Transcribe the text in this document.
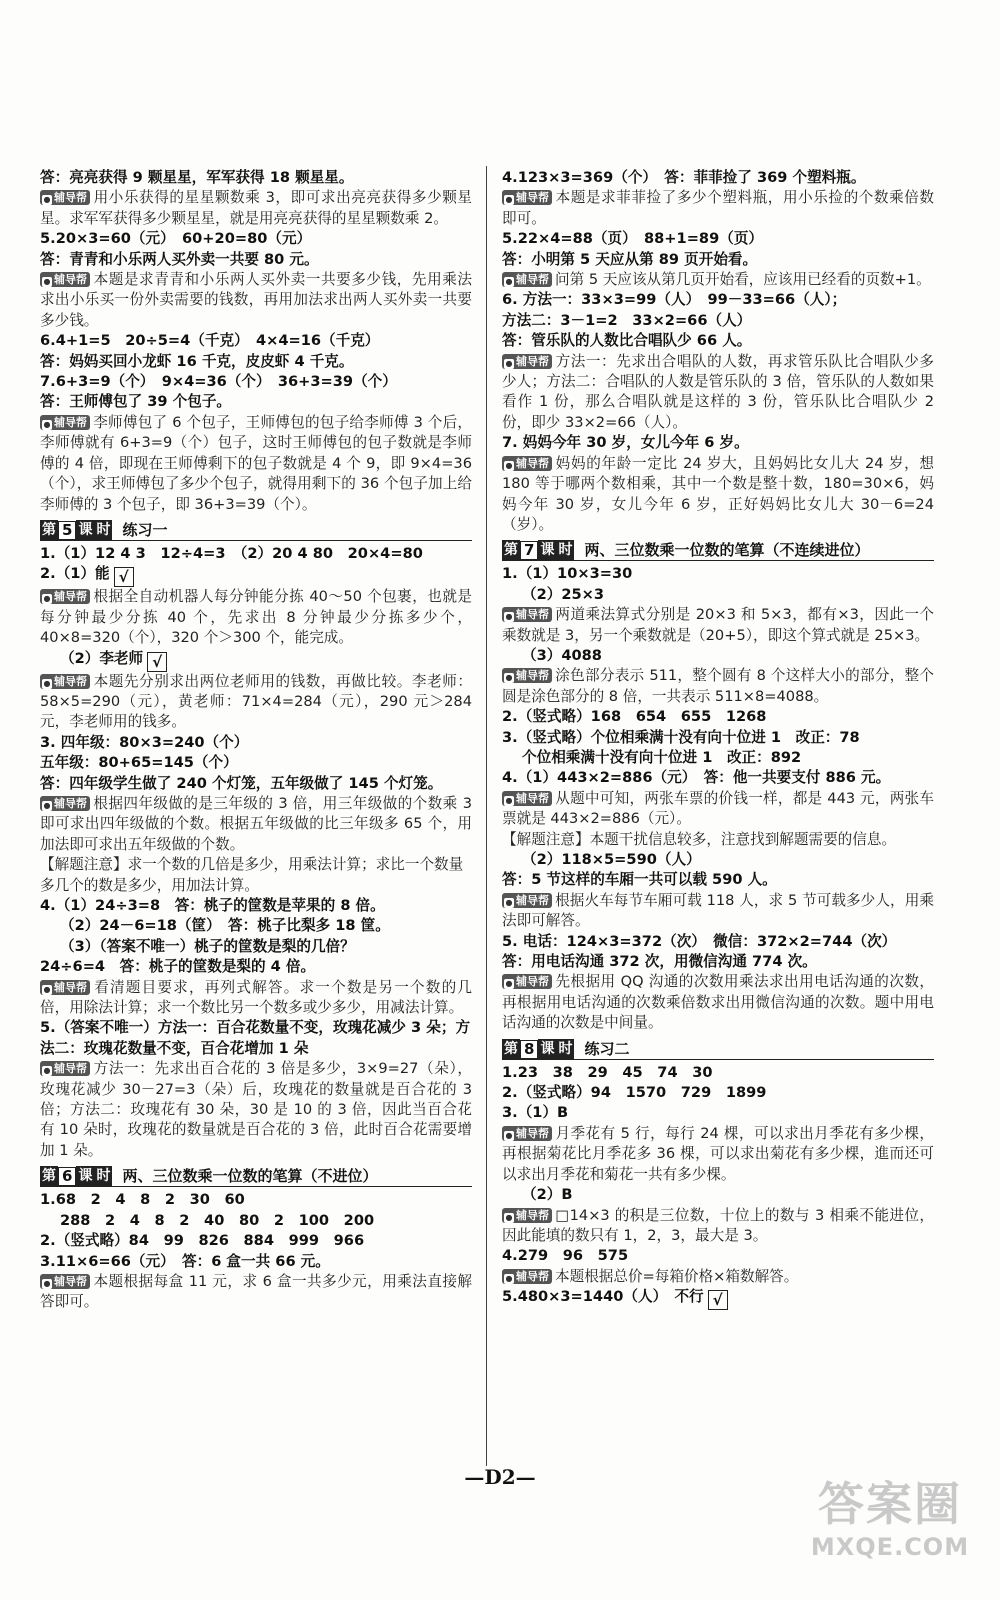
答：亮亮获得 9 颗星星，军军获得 18 颗星星。

● 辅导帮 用小乐获得的星星颗数乘 3，即可求出亮亮获得多少颗星星。求军军获得多少颗星星，就是用亮亮获得的星星颗数乘 2。

5.20×3=60（元）　60+20=80（元）

答：青青和小乐两人买外卖一共要 80 元。

● 辅导帮 本题是求青青和小乐两人买外卖一共要多少钱，先用乘法求出小乐买一份外卖需要的钱数，再用加法求出两人买外卖一共要多少钱。

6.4+1=5　20÷5=4（千克）　4×4=16（千克）

答：妈妈买回小龙虾 16 千克，皮皮虾 4 千克。

7.6+3=9（个）　9×4=36（个）　36+3=39（个）

答：王师傅包了 39 个包子。

● 辅导帮 李师傅包了 6 个包子，王师傅包的包子给李师傅 3 个后，李师傅就有 6+3=9（个）包子，这时王师傅包的包子数就是李师傅的 4 倍，即现在王师傅剩下的包子数就是 4 个 9，即 9×4=36（个），求王师傅包了多少个包子，就得用剩下的 36 个包子加上给李师傅的 3 个包子，即 36+3=39（个）。

第 5 课 时 练习一

1.（1）12 4 3　12÷4=3　（2）20 4 80　20×4=80

2.（1）能 √

● 辅导帮 根据全自动机器人每分钟能分拣 40～50 个包裹，也就是每分钟最少分拣 40 个，先求出 8 分钟最少分拣多少个，40×8=320（个），320 个＞300 个，能完成。

（2）李老师 √

● 辅导帮 本题先分别求出两位老师用的钱数，再做比较。李老师：58×5=290（元），黄老师：71×4=284（元），290 元＞284 元，李老师用的钱多。

3. 四年级：80×3=240（个）

五年级：80+65=145（个）

答：四年级学生做了 240 个灯笼，五年级做了 145 个灯笼。

● 辅导帮 根据四年级做的是三年级的 3 倍，用三年级做的个数乘 3 即可求出四年级做的个数。根据五年级做的比三年级多 65 个，用加法即可求出五年级做的个数。

【解题注意】求一个数的几倍是多少，用乘法计算；求比一个数量多几个的数是多少，用加法计算。

4.（1）24÷3=8　答：桃子的筐数是苹果的 8 倍。

（2）24－6=18（筐）　答：桃子比梨多 18 筐。

（3）（答案不唯一）桃子的筐数是梨的几倍？

24÷6=4　答：桃子的筐数是梨的 4 倍。

● 辅导帮 看清题目要求，再列式解答。求一个数是另一个数的几倍，用除法计算；求一个数比另一个数多或少多少，用减法计算。

5.（答案不唯一）方法一：百合花数量不变，玫瑰花减少 3 朵；方法二：玫瑰花数量不变，百合花增加 1 朵

● 辅导帮 方法一：先求出百合花的 3 倍是多少，3×9=27（朵），玫瑰花减少 30－27=3（朵）后，玫瑰花的数量就是百合花的 3 倍；方法二：玫瑰花有 30 朵，30 是 10 的 3 倍，因此当百合花有 10 朵时，玫瑰花的数量就是百合花的 3 倍，此时百合花需要增加 1 朵。

第 6 课 时 两、三位数乘一位数的笔算（不进位）

1.68　2　4　8　2　30　60

288　2　4　8　2　40　80　2　100　200

2.（竖式略）84　99　826　884　999　966

3.11×6=66（元）　答：6 盒一共 66 元。

● 辅导帮 本题根据每盒 11 元，求 6 盒一共多少元，用乘法直接解答即可。

4.123×3=369（个）　答：菲菲捡了 369 个塑料瓶。

● 辅导帮 本题是求菲菲捡了多少个塑料瓶，用小乐捡的个数乘倍数即可。

5.22×4=88（页）　88+1=89（页）

答：小明第 5 天应从第 89 页开始看。

● 辅导帮 问第 5 天应该从第几页开始看，应该用已经看的页数+1。

6. 方法一：33×3=99（人）　99－33=66（人）；

方法二：3－1=2　33×2=66（人）

答：管乐队的人数比合唱队少 66 人。

● 辅导帮 方法一：先求出合唱队的人数，再求管乐队比合唱队少多少人；方法二：合唱队的人数是管乐队的 3 倍，管乐队的人数如果看作 1 份，那么合唱队就是这样的 3 份，管乐队比合唱队少 2 份，即少 33×2=66（人）。

7. 妈妈今年 30 岁，女儿今年 6 岁。

● 辅导帮 妈妈的年龄一定比 24 岁大，且妈妈比女儿大 24 岁，想 180 等于哪两个数相乘，其中一个数是整十数，180=30×6，妈妈今年 30 岁，女儿今年 6 岁，正好妈妈比女儿大 30－6=24（岁）。

第 7 课 时 两、三位数乘一位数的笔算（不连续进位）

1.（1）10×3=30

（2）25×3

● 辅导帮 两道乘法算式分别是 20×3 和 5×3，都有×3，因此一个乘数就是 3，另一个乘数就是（20+5），即这个算式就是 25×3。

（3）4088

● 辅导帮 涂色部分表示 511，整个圆有 8 个这样大小的部分，整个圆是涂色部分的 8 倍，一共表示 511×8=4088。

2.（竖式略）168　654　655　1268

3.（竖式略）个位相乘满十没有向十位进 1　改正：78

个位相乘满十没有向十位进 1　改正：892

4.（1）443×2=886（元）　答：他一共要支付 886 元。

● 辅导帮 从题中可知，两张车票的价钱一样，都是 443 元，两张车票就是 443×2=886（元）。

【解题注意】本题干扰信息较多，注意找到解题需要的信息。

（2）118×5=590（人）

答：5 节这样的车厢一共可以载 590 人。

● 辅导帮 根据火车每节车厢可载 118 人，求 5 节可载多少人，用乘法即可解答。

5. 电话：124×3=372（次）　微信：372×2=744（次）

答：用电话沟通 372 次，用微信沟通 774 次。

● 辅导帮 先根据用 QQ 沟通的次数用乘法求出用电话沟通的次数，再根据用电话沟通的次数乘倍数求出用微信沟通的次数。题中用电话沟通的次数是中间量。

第 8 课 时 练习二

1.23　38　29　45　74　30

2.（竖式略）94　1570　729　1899

3.（1）B

● 辅导帮 月季花有 5 行，每行 24 棵，可以求出月季花有多少棵，再根据菊花比月季花多 36 棵，可以求出菊花有多少棵，進而还可以求出月季花和菊花一共有多少棵。

（2）B

● 辅导帮 □14×3 的积是三位数，十位上的数与 3 相乘不能进位，因此能填的数只有 1，2，3，最大是 3。

4.279　96　575

● 辅导帮 本题根据总价=每箱价格×箱数解答。

5.480×3=1440（人）　不行 √

—D2—	答案圈
MXQE.COM
